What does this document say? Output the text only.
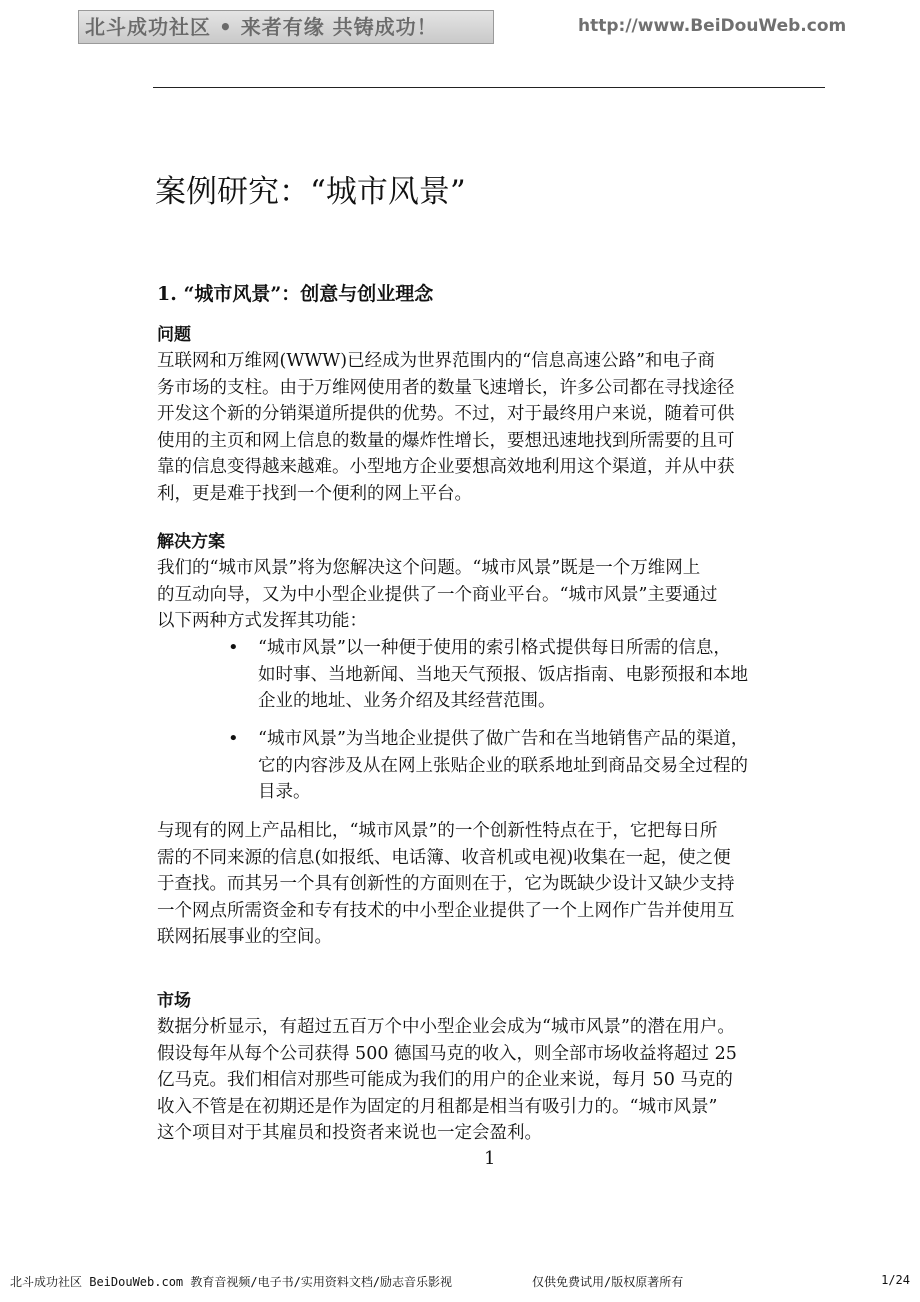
北斗成功社区 • 来者有缘 共铸成功！	http://www.BeiDouWeb.com
案例研究：“城市风景”
1. “城市风景”：创意与创业理念
问题
互联网和万维网(WWW)已经成为世界范围内的“信息高速公路”和电子商
务市场的支柱。由于万维网使用者的数量飞速增长，许多公司都在寻找途径
开发这个新的分销渠道所提供的优势。不过，对于最终用户来说，随着可供
使用的主页和网上信息的数量的爆炸性增长，要想迅速地找到所需要的且可
靠的信息变得越来越难。小型地方企业要想高效地利用这个渠道，并从中获
利，更是难于找到一个便利的网上平台。
解决方案
我们的“城市风景”将为您解决这个问题。“城市风景”既是一个万维网上
的互动向导，又为中小型企业提供了一个商业平台。“城市风景”主要通过
以下两种方式发挥其功能：
• “城市风景”以一种便于使用的索引格式提供每日所需的信息，
如时事、当地新闻、当地天气预报、饭店指南、电影预报和本地
企业的地址、业务介绍及其经营范围。
• “城市风景”为当地企业提供了做广告和在当地销售产品的渠道，
它的内容涉及从在网上张贴企业的联系地址到商品交易全过程的
目录。
与现有的网上产品相比，“城市风景”的一个创新性特点在于，它把每日所
需的不同来源的信息(如报纸、电话簿、收音机或电视)收集在一起，使之便
于查找。而其另一个具有创新性的方面则在于，它为既缺少设计又缺少支持
一个网点所需资金和专有技术的中小型企业提供了一个上网作广告并使用互
联网拓展事业的空间。
市场
数据分析显示，有超过五百万个中小型企业会成为“城市风景”的潜在用户。
假设每年从每个公司获得 500 德国马克的收入，则全部市场收益将超过 25
亿马克。我们相信对那些可能成为我们的用户的企业来说，每月 50 马克的
收入不管是在初期还是作为固定的月租都是相当有吸引力的。“城市风景”
这个项目对于其雇员和投资者来说也一定会盈利。
1
北斗成功社区 BeiDouWeb.com 教育音视频/电子书/实用资料文档/励志音乐影视	仅供免费试用/版权原著所有	1/24
